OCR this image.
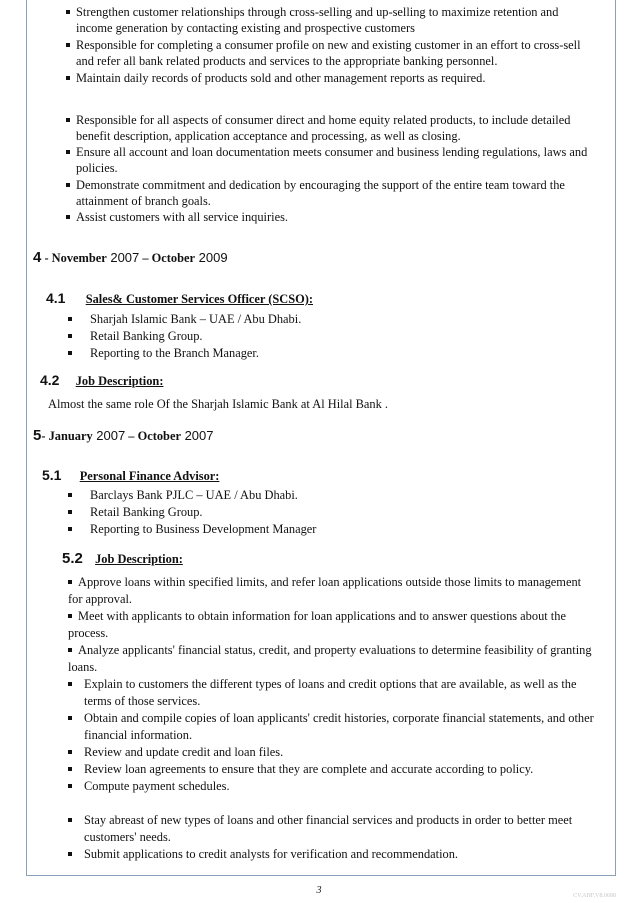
Strengthen customer relationships through cross-selling and up-selling to maximize retention and
income generation by contacting existing and prospective customers
Responsible for completing a consumer profile on new and existing customer in an effort to cross-sell
and refer all bank related products and services to the appropriate banking personnel.
Maintain daily records of products sold and other management reports as required.
Responsible for all aspects of consumer direct and home equity related products, to include detailed
benefit description, application acceptance and processing, as well as closing.
Ensure all account and loan documentation meets consumer and business lending regulations, laws and
policies.
Demonstrate commitment and dedication by encouraging the support of the entire team toward the
attainment of branch goals.
Assist customers with all service inquiries.
4 - November 2007 – October 2009
4.1 Sales& Customer Services Officer (SCSO):
Sharjah Islamic Bank – UAE / Abu Dhabi.
Retail Banking Group.
Reporting to the Branch Manager.
4.2 Job Description:
Almost the same role Of the Sharjah Islamic Bank at Al Hilal Bank .
5- January 2007 – October 2007
5.1 Personal Finance Advisor:
Barclays Bank PJLC – UAE / Abu Dhabi.
Retail Banking Group.
Reporting to Business Development Manager
5.2 Job Description:
Approve loans within specified limits, and refer loan applications outside those limits to management
for approval.
Meet with applicants to obtain information for loan applications and to answer questions about the
process.
Analyze applicants' financial status, credit, and property evaluations to determine feasibility of granting
loans.
Explain to customers the different types of loans and credit options that are available, as well as the
terms of those services.
Obtain and compile copies of loan applicants' credit histories, corporate financial statements, and other
financial information.
Review and update credit and loan files.
Review loan agreements to ensure that they are complete and accurate according to policy.
Compute payment schedules.
Stay abreast of new types of loans and other financial services and products in order to better meet
customers' needs.
Submit applications to credit analysts for verification and recommendation.
3	CV.AHF.V8.0688
